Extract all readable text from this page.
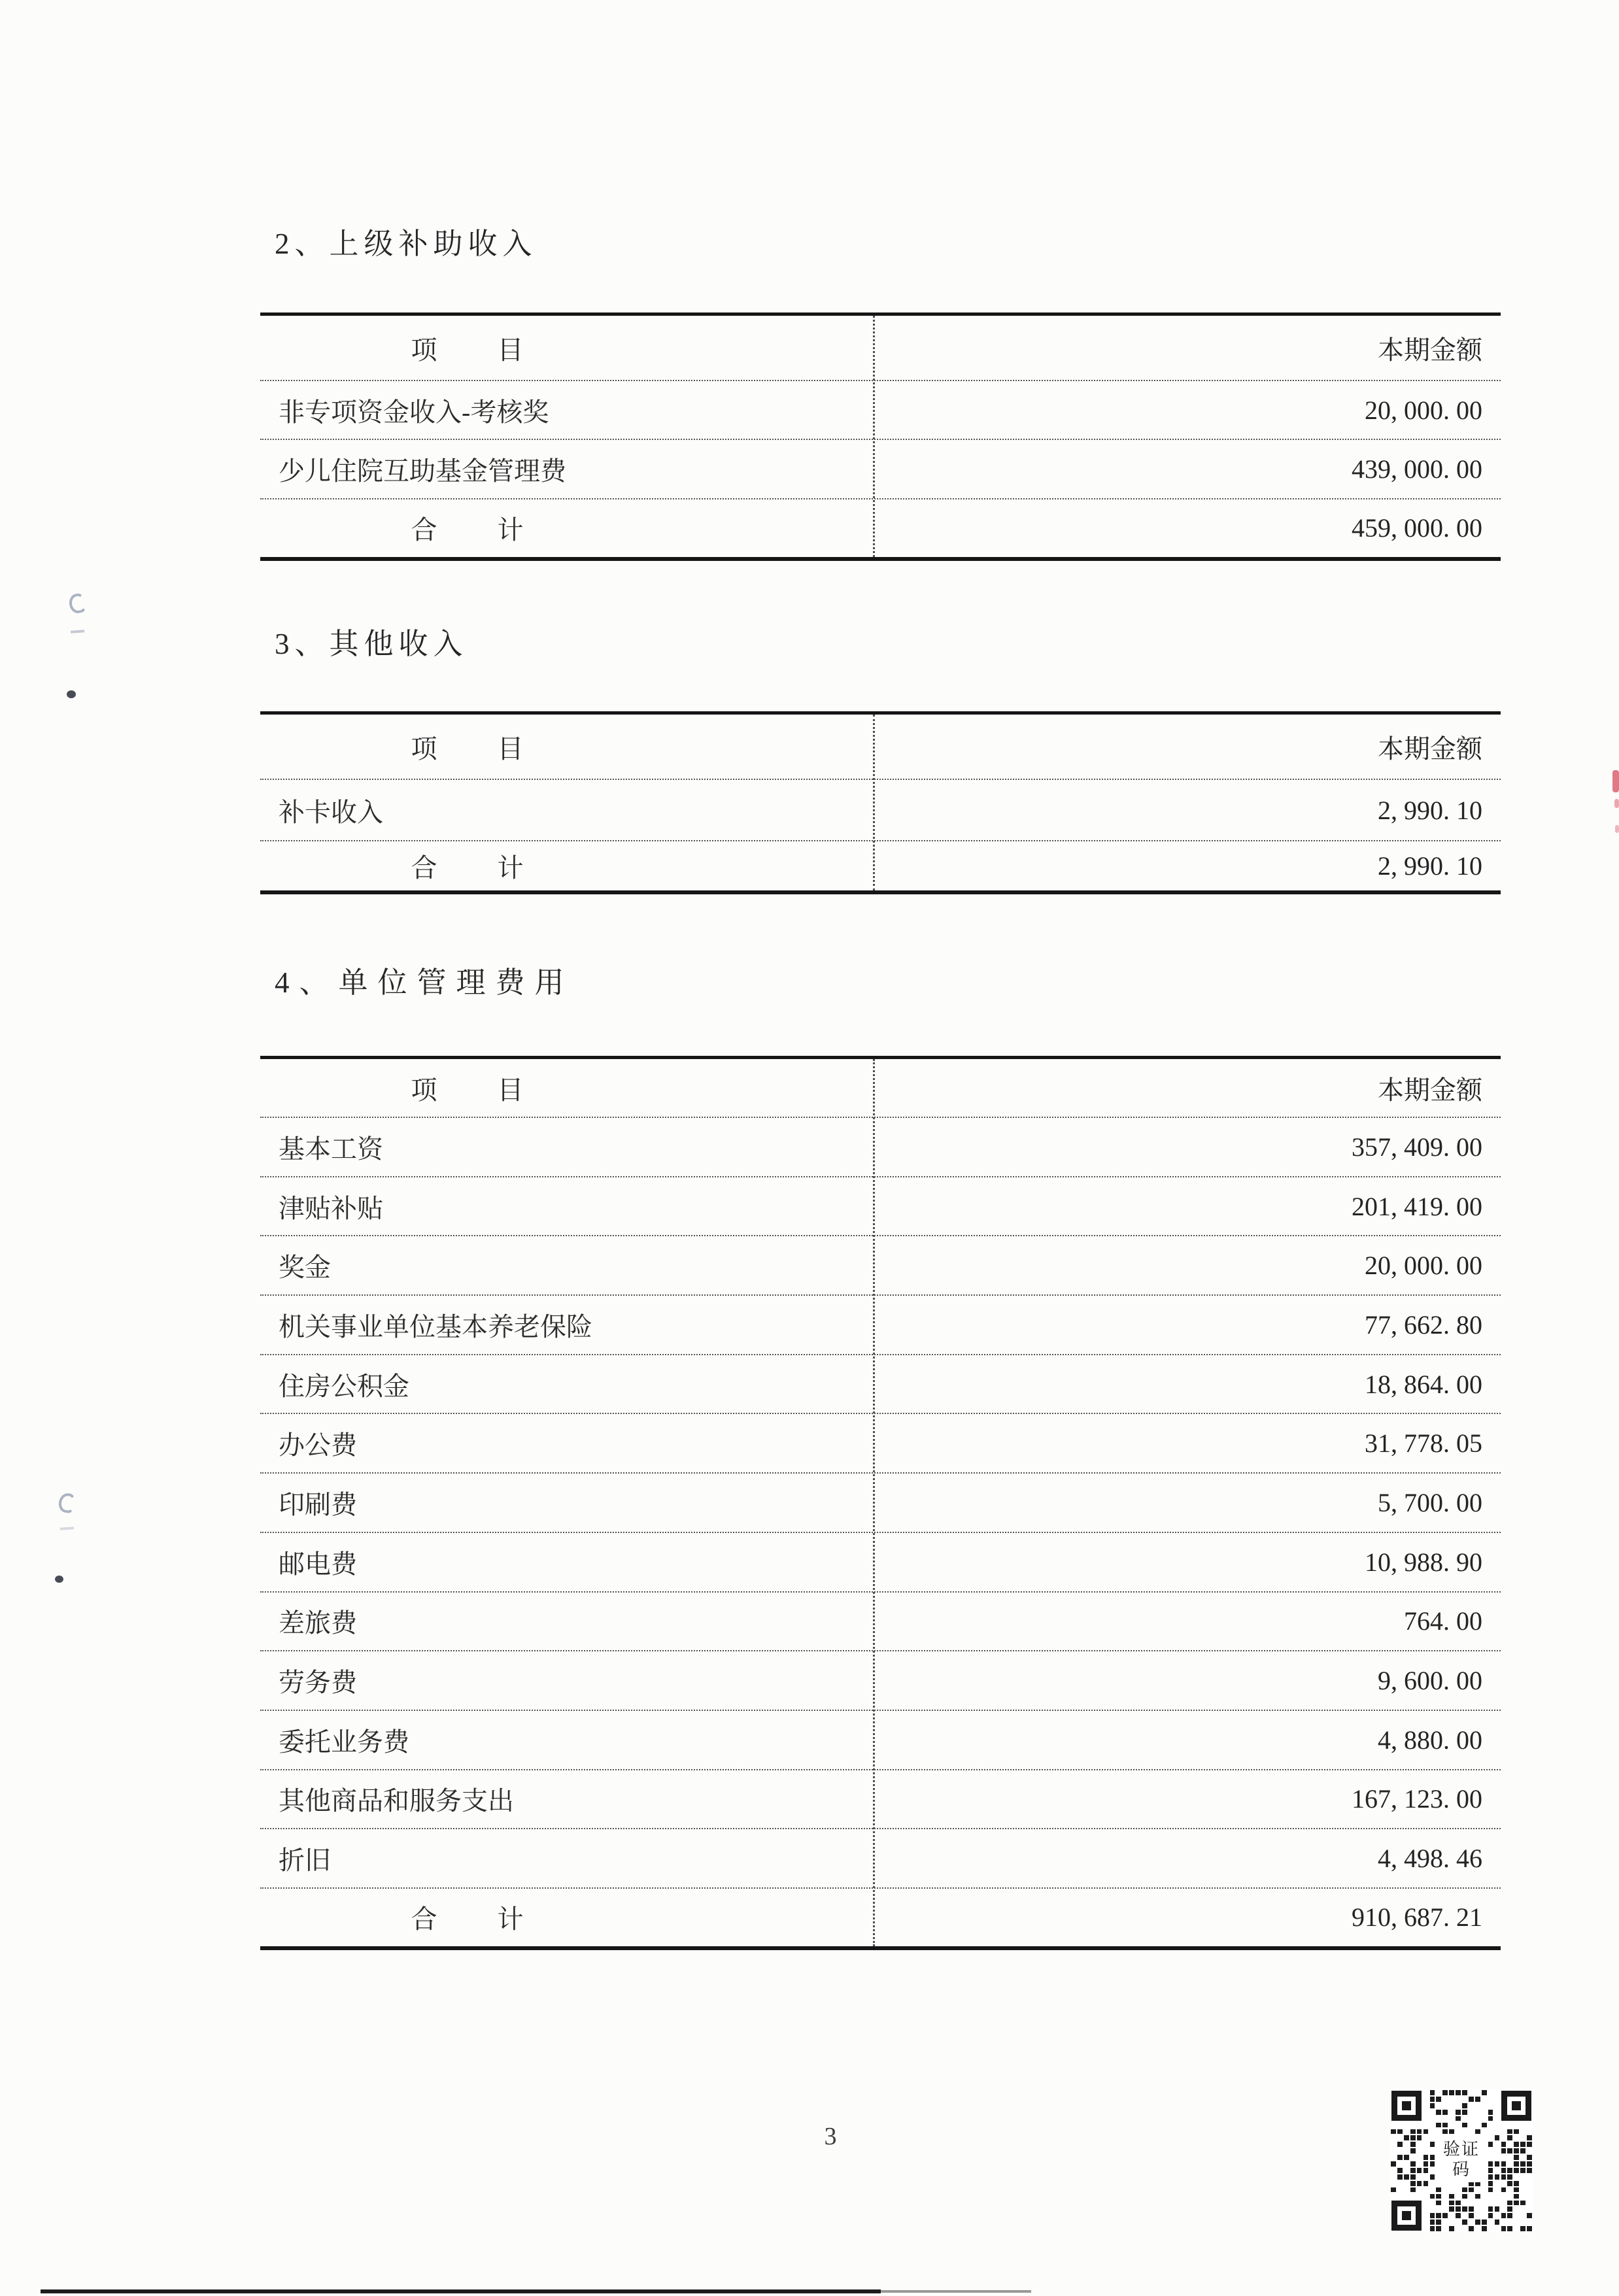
2、上级补助收入
项　　目	本期金额
非专项资金收入-考核奖	20, 000. 00
少儿住院互助基金管理费	439, 000. 00
合　　计	459, 000. 00
3、其他收入
项　　目	本期金额
补卡收入	2, 990. 10
合　　计	2, 990. 10
4、单位管理费用
项　　目	本期金额
基本工资	357, 409. 00
津贴补贴	201, 419. 00
奖金	20, 000. 00
机关事业单位基本养老保险	77, 662. 80
住房公积金	18, 864. 00
办公费	31, 778. 05
印刷费	5, 700. 00
邮电费	10, 988. 90
差旅费	764. 00
劳务费	9, 600. 00
委托业务费	4, 880. 00
其他商品和服务支出	167, 123. 00
折旧	4, 498. 46
合　　计	910, 687. 21
3	验证码
